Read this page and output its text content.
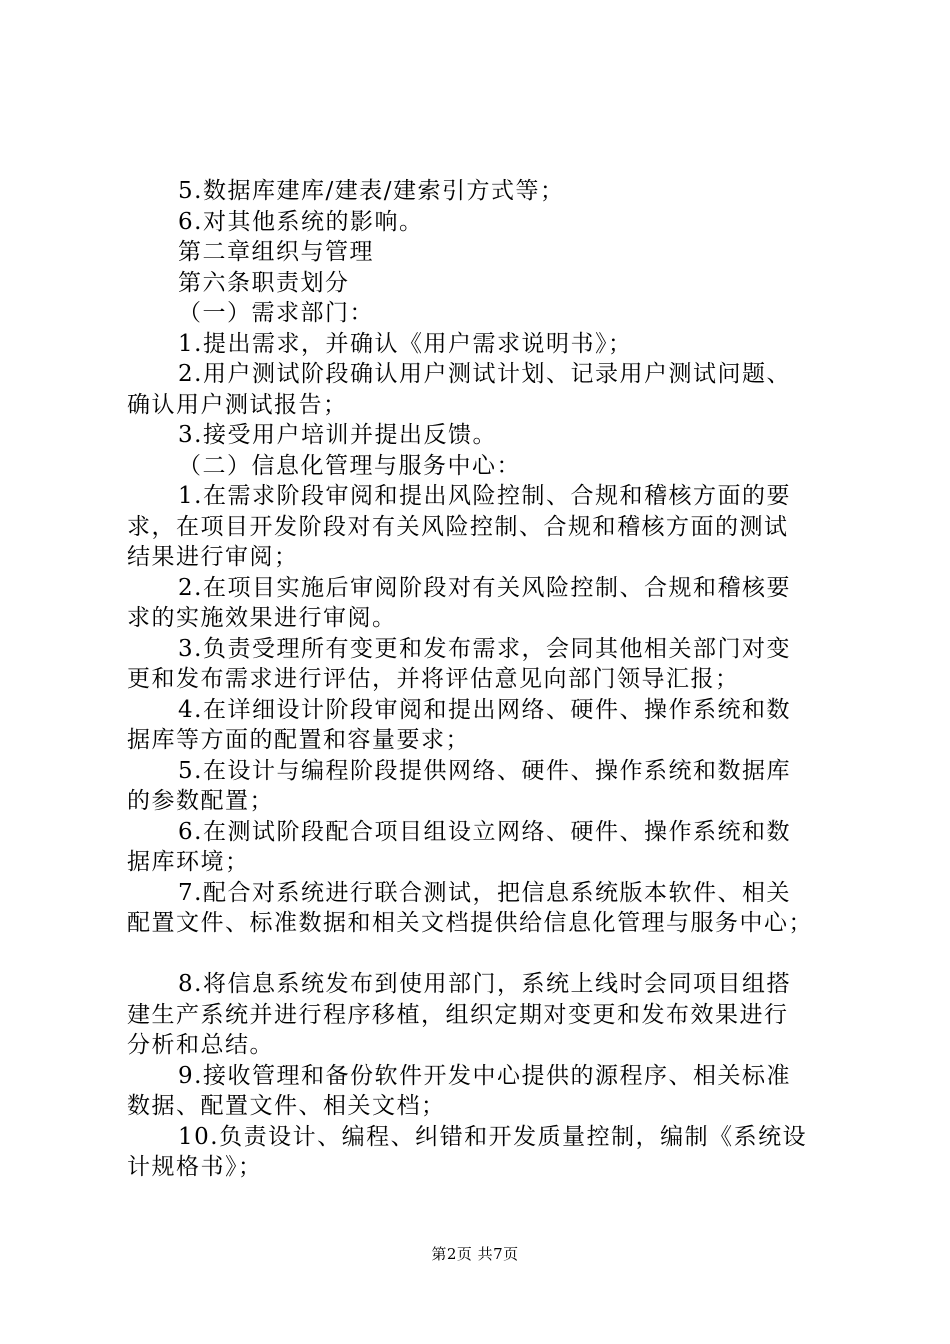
5.数据库建库/建表/建索引方式等；
6.对其他系统的影响。
第二章组织与管理
第六条职责划分
（一）需求部门：
1.提出需求，并确认《用户需求说明书》；
2.用户测试阶段确认用户测试计划、记录用户测试问题、
确认用户测试报告；
3.接受用户培训并提出反馈。
（二）信息化管理与服务中心：
1.在需求阶段审阅和提出风险控制、合规和稽核方面的要
求，在项目开发阶段对有关风险控制、合规和稽核方面的测试
结果进行审阅；
2.在项目实施后审阅阶段对有关风险控制、合规和稽核要
求的实施效果进行审阅。
3.负责受理所有变更和发布需求，会同其他相关部门对变
更和发布需求进行评估，并将评估意见向部门领导汇报；
4.在详细设计阶段审阅和提出网络、硬件、操作系统和数
据库等方面的配置和容量要求；
5.在设计与编程阶段提供网络、硬件、操作系统和数据库
的参数配置；
6.在测试阶段配合项目组设立网络、硬件、操作系统和数
据库环境；
7.配合对系统进行联合测试，把信息系统版本软件、相关
配置文件、标准数据和相关文档提供给信息化管理与服务中心；
8.将信息系统发布到使用部门，系统上线时会同项目组搭
建生产系统并进行程序移植，组织定期对变更和发布效果进行
分析和总结。
9.接收管理和备份软件开发中心提供的源程序、相关标准
数据、配置文件、相关文档；
10.负责设计、编程、纠错和开发质量控制，编制《系统设
计规格书》；
第2页 共7页
